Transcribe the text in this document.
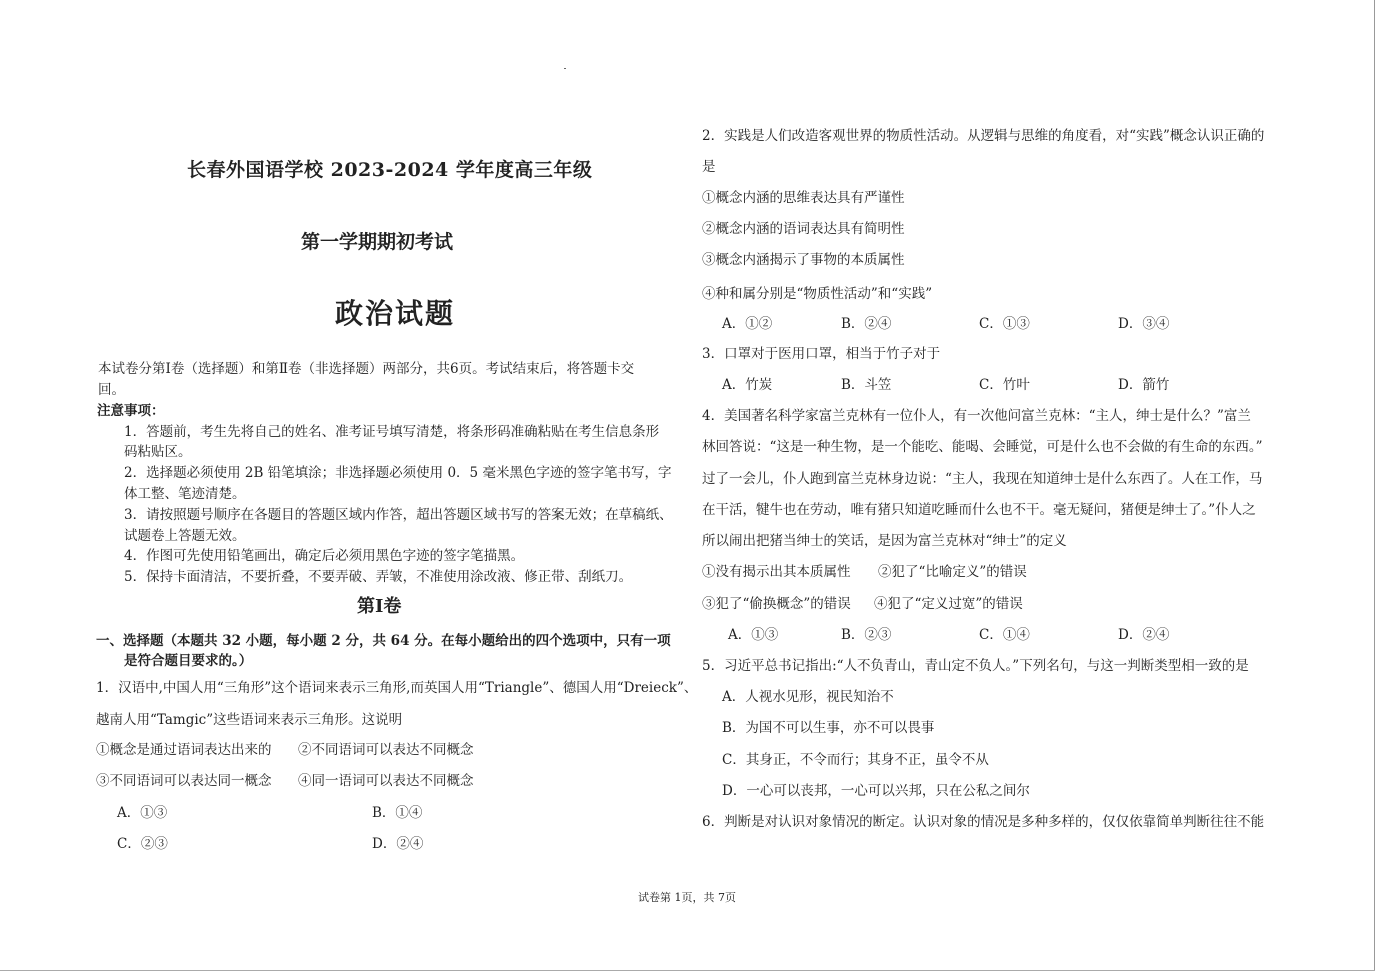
长春外国语学校 2023-2024 学年度高三年级
第一学期期初考试
政治试题
本试卷分第Ⅰ卷（选择题）和第Ⅱ卷（非选择题）两部分，共6页。考试结束后，将答题卡交
回。
注意事项：
1．答题前，考生先将自己的姓名、准考证号填写清楚，将条形码准确粘贴在考生信息条形
码粘贴区。
2．选择题必须使用 2B 铅笔填涂；非选择题必须使用 0．5 毫米黑色字迹的签字笔书写，字
体工整、笔迹清楚。
3．请按照题号顺序在各题目的答题区域内作答，超出答题区域书写的答案无效；在草稿纸、
试题卷上答题无效。
4．作图可先使用铅笔画出，确定后必须用黑色字迹的签字笔描黑。
5．保持卡面清洁，不要折叠，不要弄破、弄皱，不准使用涂改液、修正带、刮纸刀。
第Ⅰ卷
一、选择题（本题共 32 小题，每小题 2 分，共 64 分。在每小题给出的四个选项中，只有一项
是符合题目要求的。）
1．汉语中,中国人用“三角形”这个语词来表示三角形,而英国人用“Triangle”、德国人用“Dreieck”、
越南人用“Tamgic”这些语词来表示三角形。这说明
①概念是通过语词表达出来的 ②不同语词可以表达不同概念
③不同语词可以表达同一概念 ④同一语词可以表达不同概念
A．①③	B．①④
C．②③	D．②④
2．实践是人们改造客观世界的物质性活动。从逻辑与思维的角度看，对“实践”概念认识正确的
是
①概念内涵的思维表达具有严谨性
②概念内涵的语词表达具有简明性
③概念内涵揭示了事物的本质属性
④种和属分别是“物质性活动”和“实践”
A．①②	B．②④	C．①③	D．③④
3．口罩对于医用口罩，相当于竹子对于
A．竹炭	B．斗笠	C．竹叶	D．箭竹
4．美国著名科学家富兰克林有一位仆人，有一次他问富兰克林：“主人，绅士是什么？”富兰
林回答说：“这是一种生物，是一个能吃、能喝、会睡觉，可是什么也不会做的有生命的东西。”
过了一会儿，仆人跑到富兰克林身边说：“主人，我现在知道绅士是什么东西了。人在工作，马
在干活，犍牛也在劳动，唯有猪只知道吃睡而什么也不干。毫无疑问，猪便是绅士了。”仆人之
所以闹出把猪当绅士的笑话，是因为富兰克林对“绅士”的定义
①没有揭示出其本质属性 ②犯了“比喻定义”的错误
③犯了“偷换概念”的错误 ④犯了“定义过宽”的错误
A．①③	B．②③	C．①④	D．②④
5．习近平总书记指出:“人不负青山，青山定不负人。”下列名句，与这一判断类型相一致的是
A．人视水见形，视民知治不
B．为国不可以生事，亦不可以畏事
C．其身正，不令而行；其身不正，虽令不从
D．一心可以丧邦，一心可以兴邦，只在公私之间尔
6．判断是对认识对象情况的断定。认识对象的情况是多种多样的，仅仅依靠简单判断往往不能
试卷第 1页，共 7页
